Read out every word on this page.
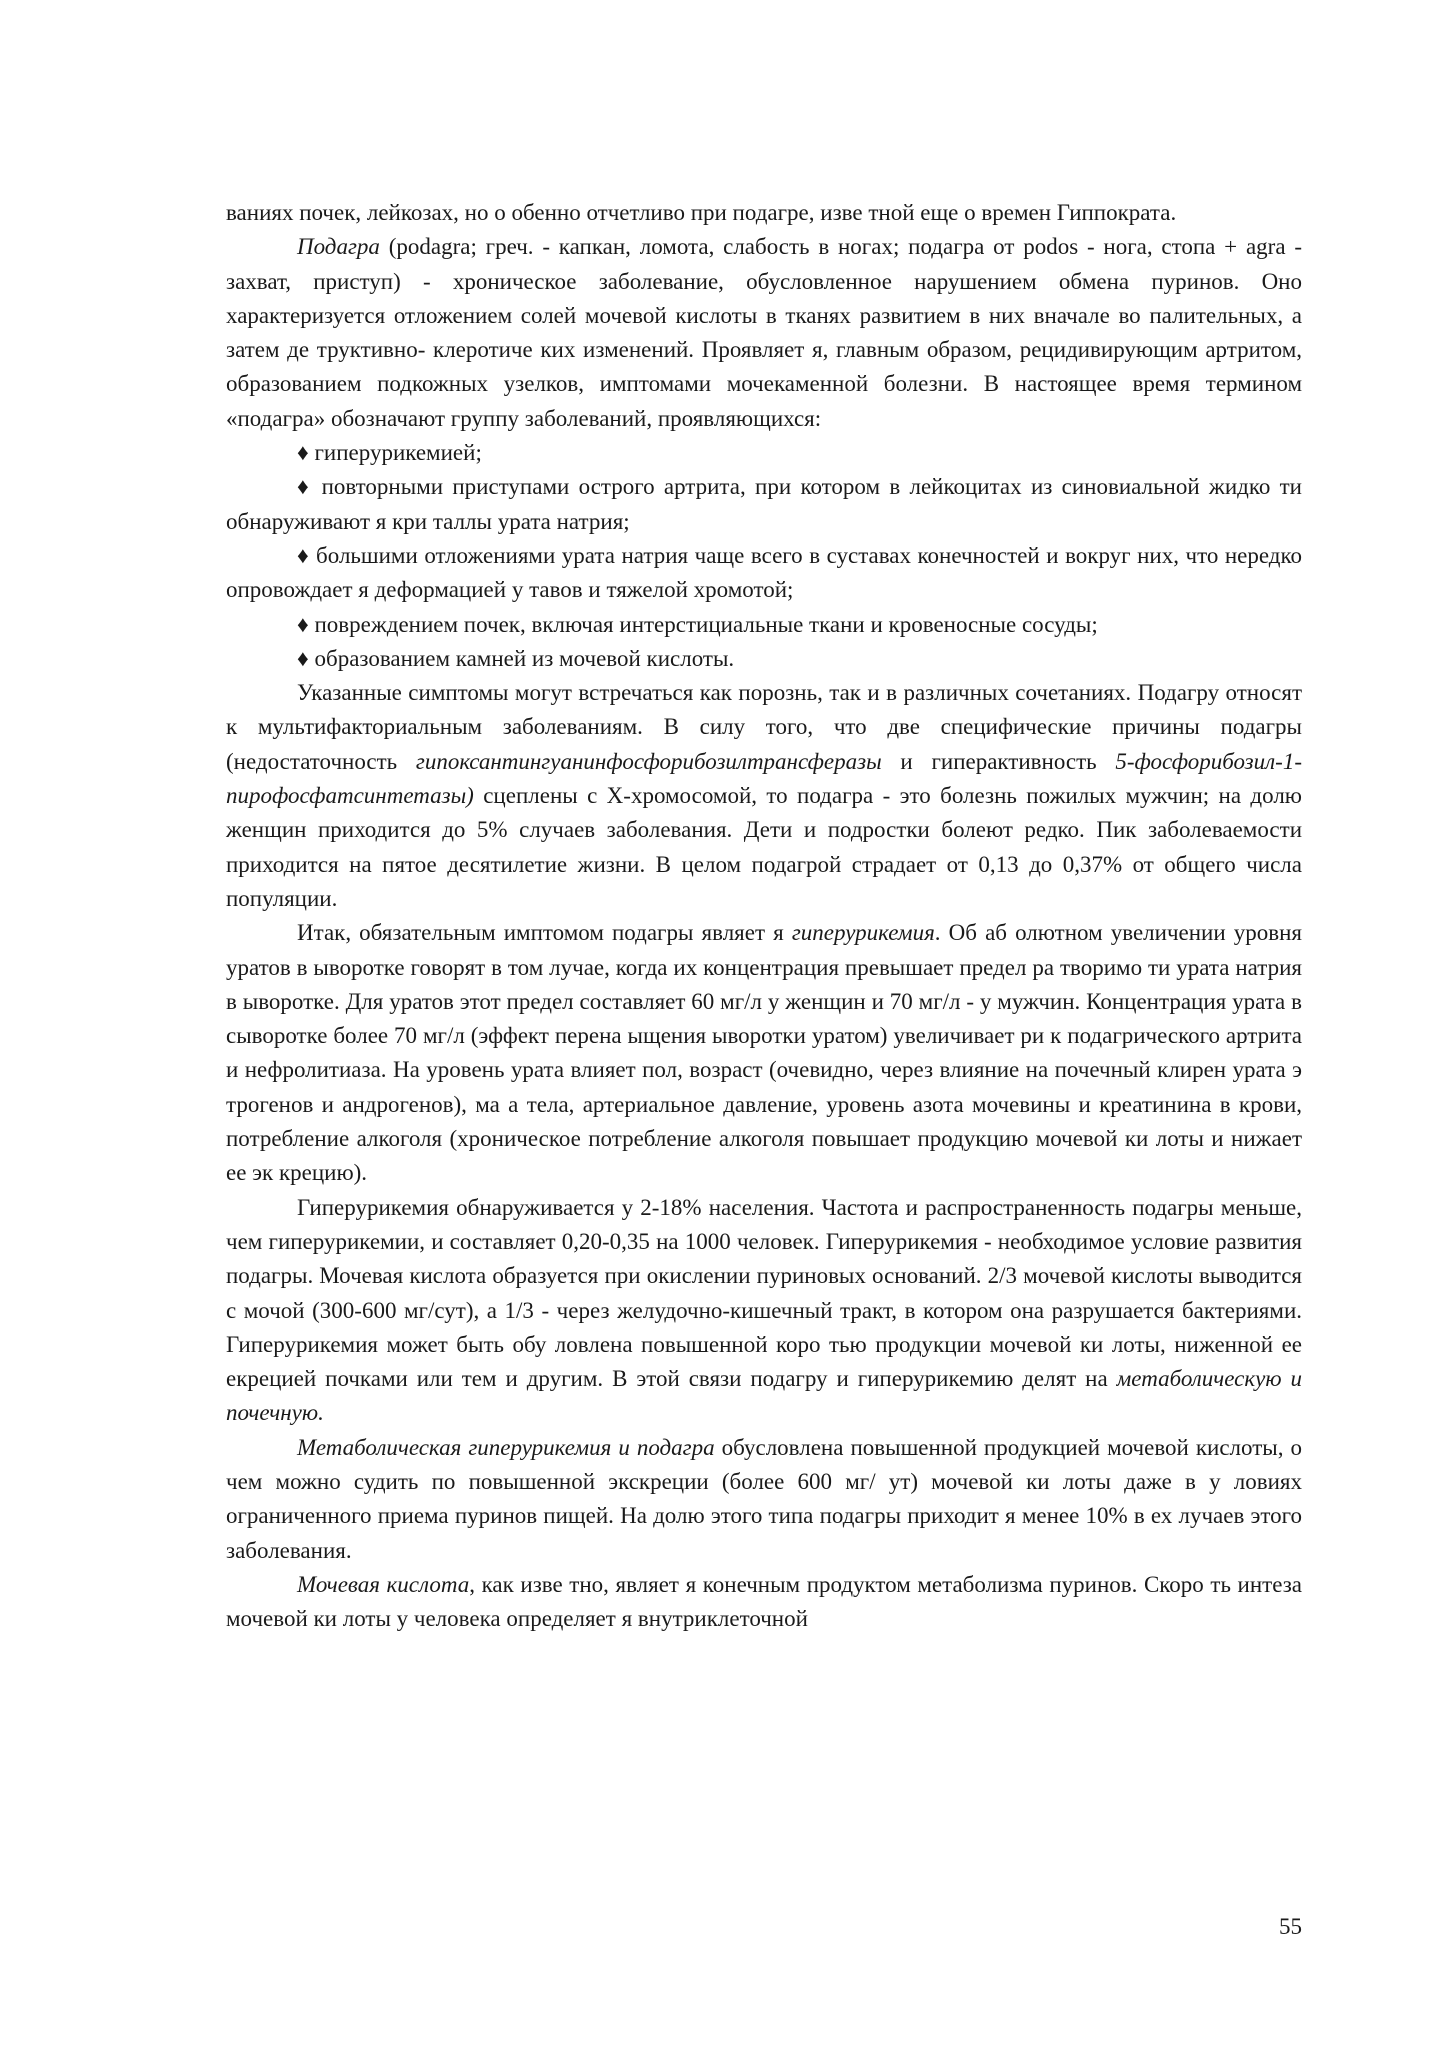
ваниях почек, лейкозах, но о обенно отчетливо при подагре, изве тной еще о времен Гиппократа.

Подагра (podagra; греч. - капкан, ломота, слабость в ногах; подагра от podos - нога, стопа + agra - захват, приступ) - хроническое заболевание, обусловленное нарушением обмена пуринов. Оно характеризуется отложением солей мочевой кислоты в тканях развитием в них вначале во палительных, а затем де труктивно- клеротиче ких изменений. Проявляет я, главным образом, рецидивирующим артритом, образованием подкожных узелков, имптомами мочекаменной болезни. В настоящее время термином «подагра» обозначают группу заболеваний, проявляющихся:

♦ гиперурикемией;

♦ повторными приступами острого артрита, при котором в лейкоцитах из синовиальной жидко ти обнаруживают я кри таллы урата натрия;

♦ большими отложениями урата натрия чаще всего в суставах конечностей и вокруг них, что нередко опровождает я деформацией у тавов и тяжелой хромотой;

♦ повреждением почек, включая интерстициальные ткани и кровеносные сосуды;

♦ образованием камней из мочевой кислоты.

Указанные симптомы могут встречаться как порознь, так и в различных сочетаниях. Подагру относят к мультифакториальным заболеваниям. В силу того, что две специфические причины подагры (недостаточность гипоксантингуанинфосфорибозилтрансферазы и гиперактивность 5-фосфорибозил-1-пирофосфатсинтетазы) сцеплены с X-хромосомой, то подагра - это болезнь пожилых мужчин; на долю женщин приходится до 5% случаев заболевания. Дети и подростки болеют редко. Пик заболеваемости приходится на пятое десятилетие жизни. В целом подагрой страдает от 0,13 до 0,37% от общего числа популяции.

Итак, обязательным имптомом подагры являет я гиперурикемия. Об аб олютном увеличении уровня уратов в ыворотке говорят в том лучае, когда их концентрация превышает предел ра творимо ти урата натрия в ыворотке. Для уратов этот предел составляет 60 мг/л у женщин и 70 мг/л - у мужчин. Концентрация урата в сыворотке более 70 мг/л (эффект перена ыщения ыворотки уратом) увеличивает ри к подагрического артрита и нефролитиаза. На уровень урата влияет пол, возраст (очевидно, через влияние на почечный клирен урата э трогенов и андрогенов), ма а тела, артериальное давление, уровень азота мочевины и креатинина в крови, потребление алкоголя (хроническое потребление алкоголя повышает продукцию мочевой ки лоты и нижает ее эк крецию).

Гиперурикемия обнаруживается у 2-18% населения. Частота и распространенность подагры меньше, чем гиперурикемии, и составляет 0,20-0,35 на 1000 человек. Гиперурикемия - необходимое условие развития подагры. Мочевая кислота образуется при окислении пуриновых оснований. 2/3 мочевой кислоты выводится с мочой (300-600 мг/сут), а 1/3 - через желудочно-кишечный тракт, в котором она разрушается бактериями. Гиперурикемия может быть обу ловлена повышенной коро тью продукции мочевой ки лоты, ниженной ее екрецией почками или тем и другим. В этой связи подагру и гиперурикемию делят на метаболическую и почечную.

Метаболическая гиперурикемия и подагра обусловлена повышенной продукцией мочевой кислоты, о чем можно судить по повышенной экскреции (более 600 мг/ ут) мочевой ки лоты даже в у ловиях ограниченного приема пуринов пищей. На долю этого типа подагры приходит я менее 10% в ех лучаев этого заболевания.

Мочевая кислота, как изве тно, являет я конечным продуктом метаболизма пуринов. Скоро ть интеза мочевой ки лоты у человека определяет я внутриклеточной

55
